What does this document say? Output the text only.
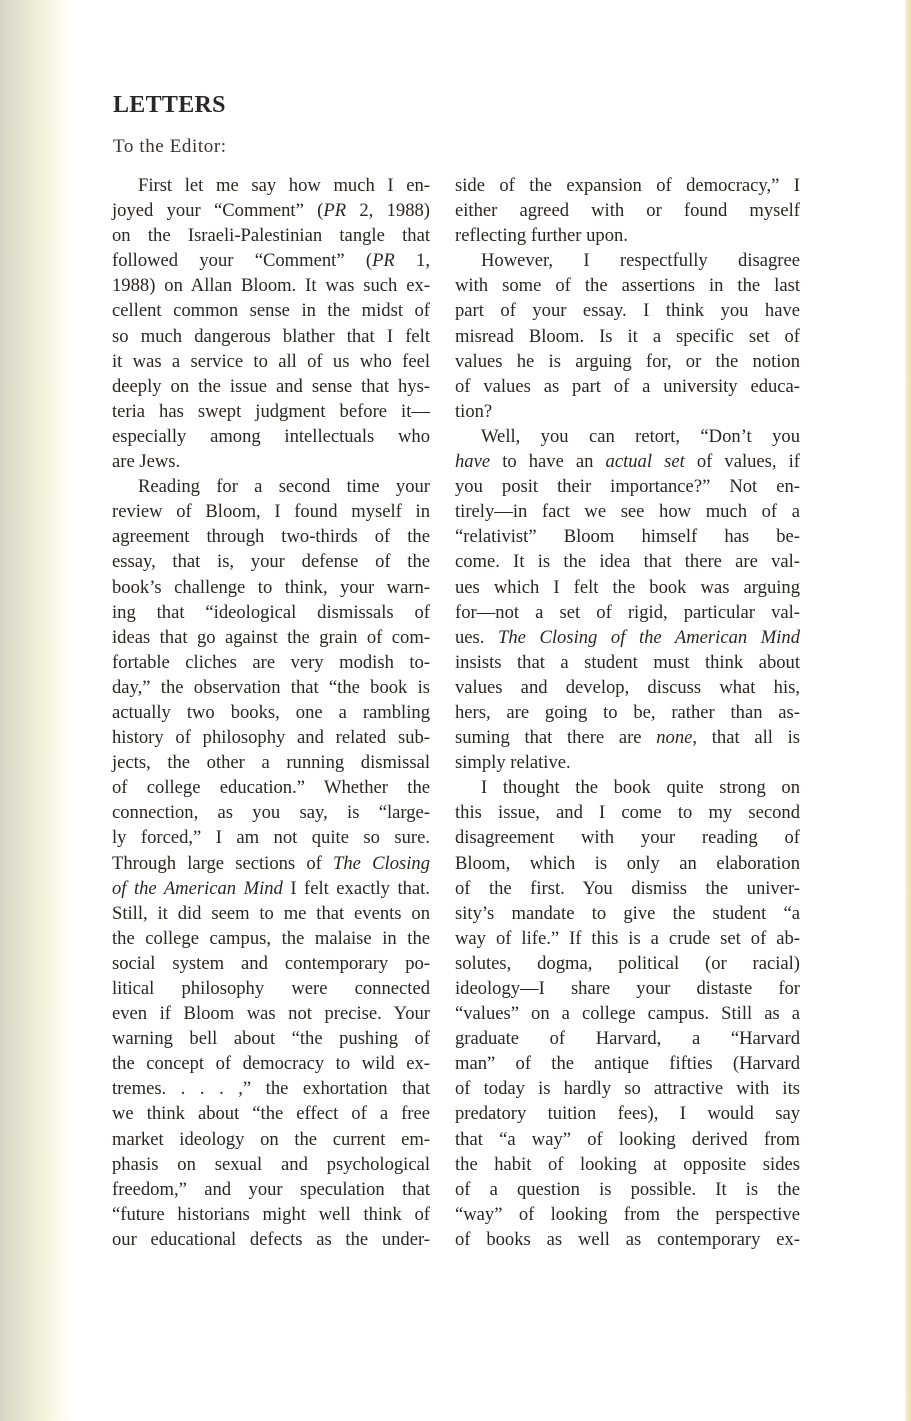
LETTERS
To the Editor:
First let me say how much I en-
joyed your “Comment” (PR 2, 1988)
on the Israeli-Palestinian tangle that
followed your “Comment” (PR 1,
1988) on Allan Bloom. It was such ex-
cellent common sense in the midst of
so much dangerous blather that I felt
it was a service to all of us who feel
deeply on the issue and sense that hys-
teria has swept judgment before it—
especially among intellectuals who
are Jews.
Reading for a second time your
review of Bloom, I found myself in
agreement through two-thirds of the
essay, that is, your defense of the
book’s challenge to think, your warn-
ing that “ideological dismissals of
ideas that go against the grain of com-
fortable cliches are very modish to-
day,” the observation that “the book is
actually two books, one a rambling
history of philosophy and related sub-
jects, the other a running dismissal
of college education.” Whether the
connection, as you say, is “large-
ly forced,” I am not quite so sure.
Through large sections of The Closing
of the American Mind I felt exactly that.
Still, it did seem to me that events on
the college campus, the malaise in the
social system and contemporary po-
litical philosophy were connected
even if Bloom was not precise. Your
warning bell about “the pushing of
the concept of democracy to wild ex-
tremes. . . . ,” the exhortation that
we think about “the effect of a free
market ideology on the current em-
phasis on sexual and psychological
freedom,” and your speculation that
“future historians might well think of
our educational defects as the under-
side of the expansion of democracy,” I
either agreed with or found myself
reflecting further upon.
However, I respectfully disagree
with some of the assertions in the last
part of your essay. I think you have
misread Bloom. Is it a specific set of
values he is arguing for, or the notion
of values as part of a university educa-
tion?
Well, you can retort, “Don’t you
have to have an actual set of values, if
you posit their importance?” Not en-
tirely—in fact we see how much of a
“relativist” Bloom himself has be-
come. It is the idea that there are val-
ues which I felt the book was arguing
for—not a set of rigid, particular val-
ues. The Closing of the American Mind
insists that a student must think about
values and develop, discuss what his,
hers, are going to be, rather than as-
suming that there are none, that all is
simply relative.
I thought the book quite strong on
this issue, and I come to my second
disagreement with your reading of
Bloom, which is only an elaboration
of the first. You dismiss the univer-
sity’s mandate to give the student “a
way of life.” If this is a crude set of ab-
solutes, dogma, political (or racial)
ideology—I share your distaste for
“values” on a college campus. Still as a
graduate of Harvard, a “Harvard
man” of the antique fifties (Harvard
of today is hardly so attractive with its
predatory tuition fees), I would say
that “a way” of looking derived from
the habit of looking at opposite sides
of a question is possible. It is the
“way” of looking from the perspective
of books as well as contemporary ex-
